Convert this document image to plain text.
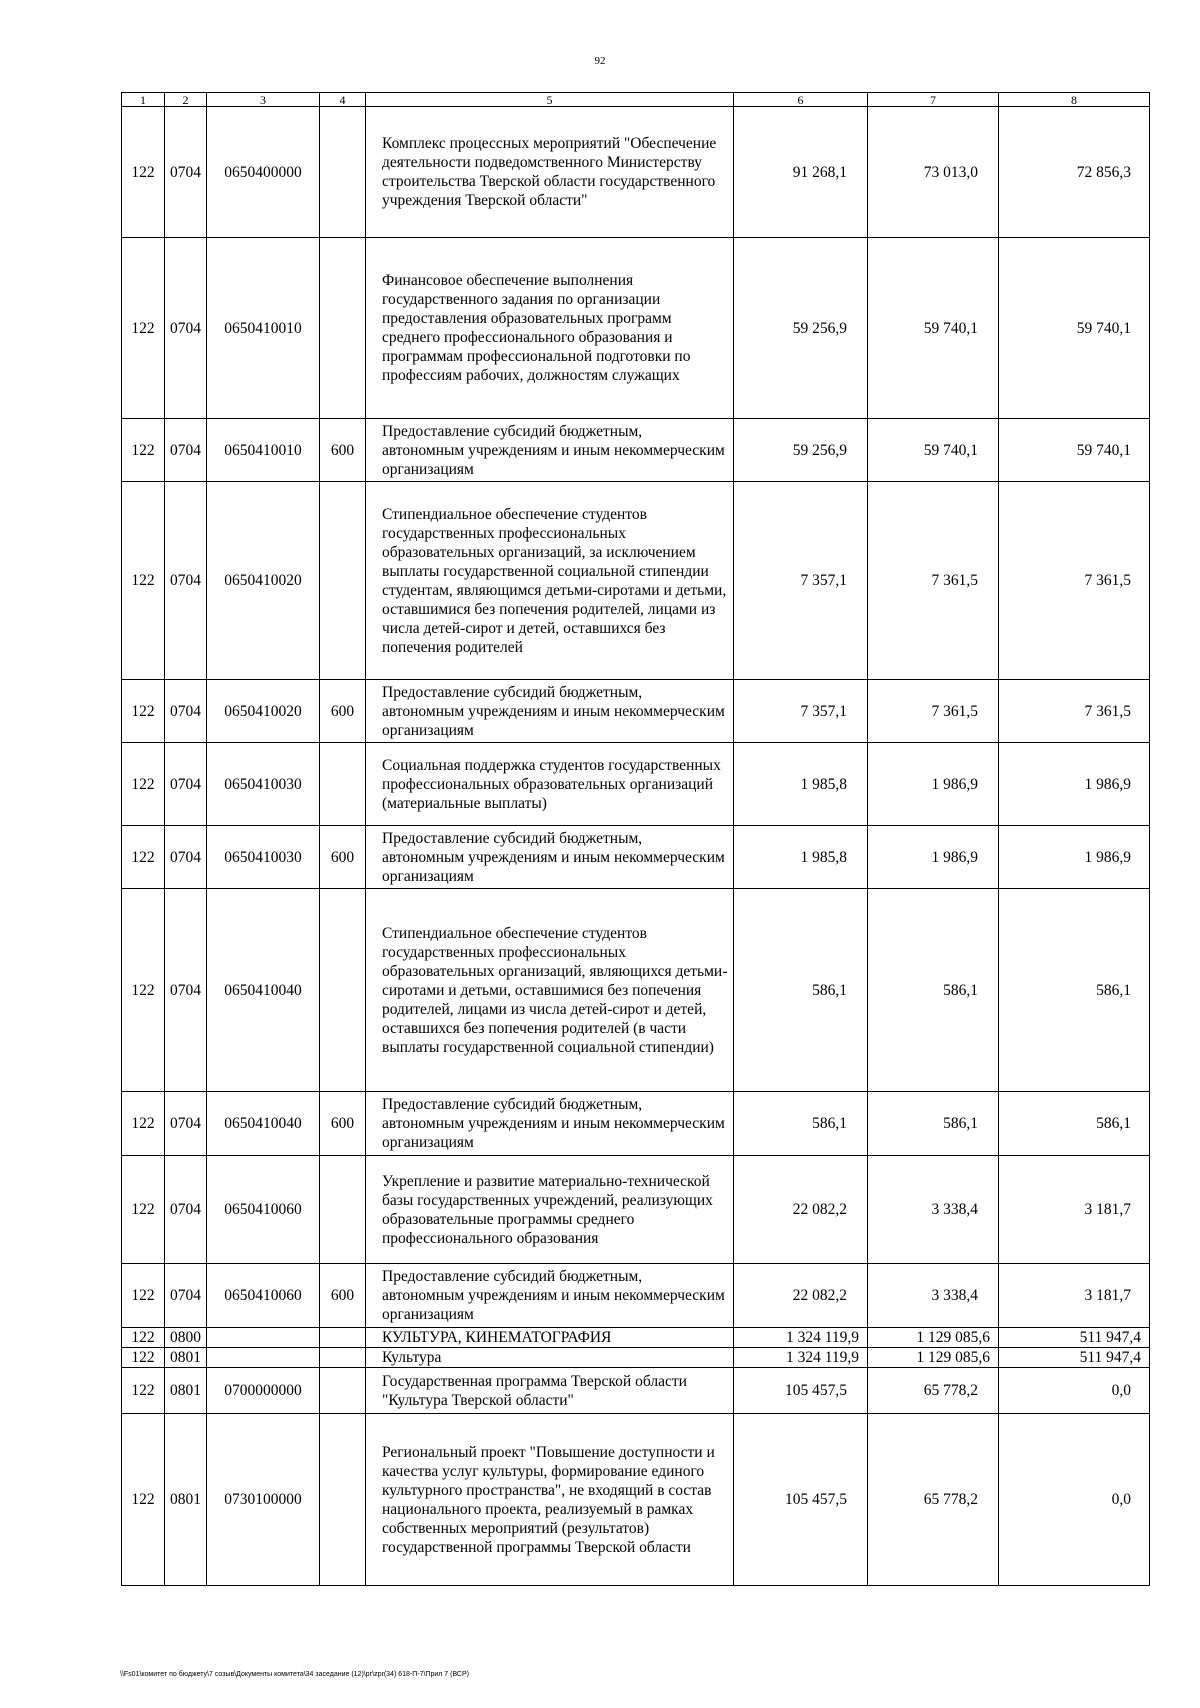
92
1	2	3	4	5	6	7	8
122	0704	0650400000		Комплекс процессных мероприятий "Обеспечение деятельности подведомственного Министерству строительства Тверской области государственного учреждения Тверской области"	91 268,1	73 013,0	72 856,3
122	0704	0650410010		Финансовое обеспечение выполнения государственного задания по организации предоставления образовательных программ среднего профессионального образования и программам профессиональной подготовки по профессиям рабочих, должностям служащих	59 256,9	59 740,1	59 740,1
122	0704	0650410010	600	Предоставление субсидий бюджетным, автономным учреждениям и иным некоммерческим организациям	59 256,9	59 740,1	59 740,1
122	0704	0650410020		Стипендиальное обеспечение студентов государственных профессиональных образовательных организаций, за исключением выплаты государственной социальной стипендии студентам, являющимся детьми-сиротами и детьми, оставшимися без попечения родителей, лицами из числа детей-сирот и детей, оставшихся без попечения родителей	7 357,1	7 361,5	7 361,5
122	0704	0650410020	600	Предоставление субсидий бюджетным, автономным учреждениям и иным некоммерческим организациям	7 357,1	7 361,5	7 361,5
122	0704	0650410030		Социальная поддержка студентов государственных профессиональных образовательных организаций (материальные выплаты)	1 985,8	1 986,9	1 986,9
122	0704	0650410030	600	Предоставление субсидий бюджетным, автономным учреждениям и иным некоммерческим организациям	1 985,8	1 986,9	1 986,9
122	0704	0650410040		Стипендиальное обеспечение студентов государственных профессиональных образовательных организаций, являющихся детьми-сиротами и детьми, оставшимися без попечения родителей, лицами из числа детей-сирот и детей, оставшихся без попечения родителей (в части выплаты государственной социальной стипендии)	586,1	586,1	586,1
122	0704	0650410040	600	Предоставление субсидий бюджетным, автономным учреждениям и иным некоммерческим организациям	586,1	586,1	586,1
122	0704	0650410060		Укрепление и развитие материально-технической базы государственных учреждений, реализующих образовательные программы среднего профессионального образования	22 082,2	3 338,4	3 181,7
122	0704	0650410060	600	Предоставление субсидий бюджетным, автономным учреждениям и иным некоммерческим организациям	22 082,2	3 338,4	3 181,7
122	0800			КУЛЬТУРА, КИНЕМАТОГРАФИЯ	1 324 119,9	1 129 085,6	511 947,4
122	0801			Культура	1 324 119,9	1 129 085,6	511 947,4
122	0801	0700000000		Государственная программа Тверской области "Культура Тверской области"	105 457,5	65 778,2	0,0
122	0801	0730100000		Региональный проект "Повышение доступности и качества услуг культуры, формирование единого культурного пространства", не входящий в состав национального проекта, реализуемый в рамках собственных мероприятий (результатов) государственной программы Тверской области	105 457,5	65 778,2	0,0
\\Fs01\комитет по бюджету\7 созыв\Документы комитета\34 заседание (12)\рг\zpr(34) 618-П-7\Прил 7 (ВСР)
